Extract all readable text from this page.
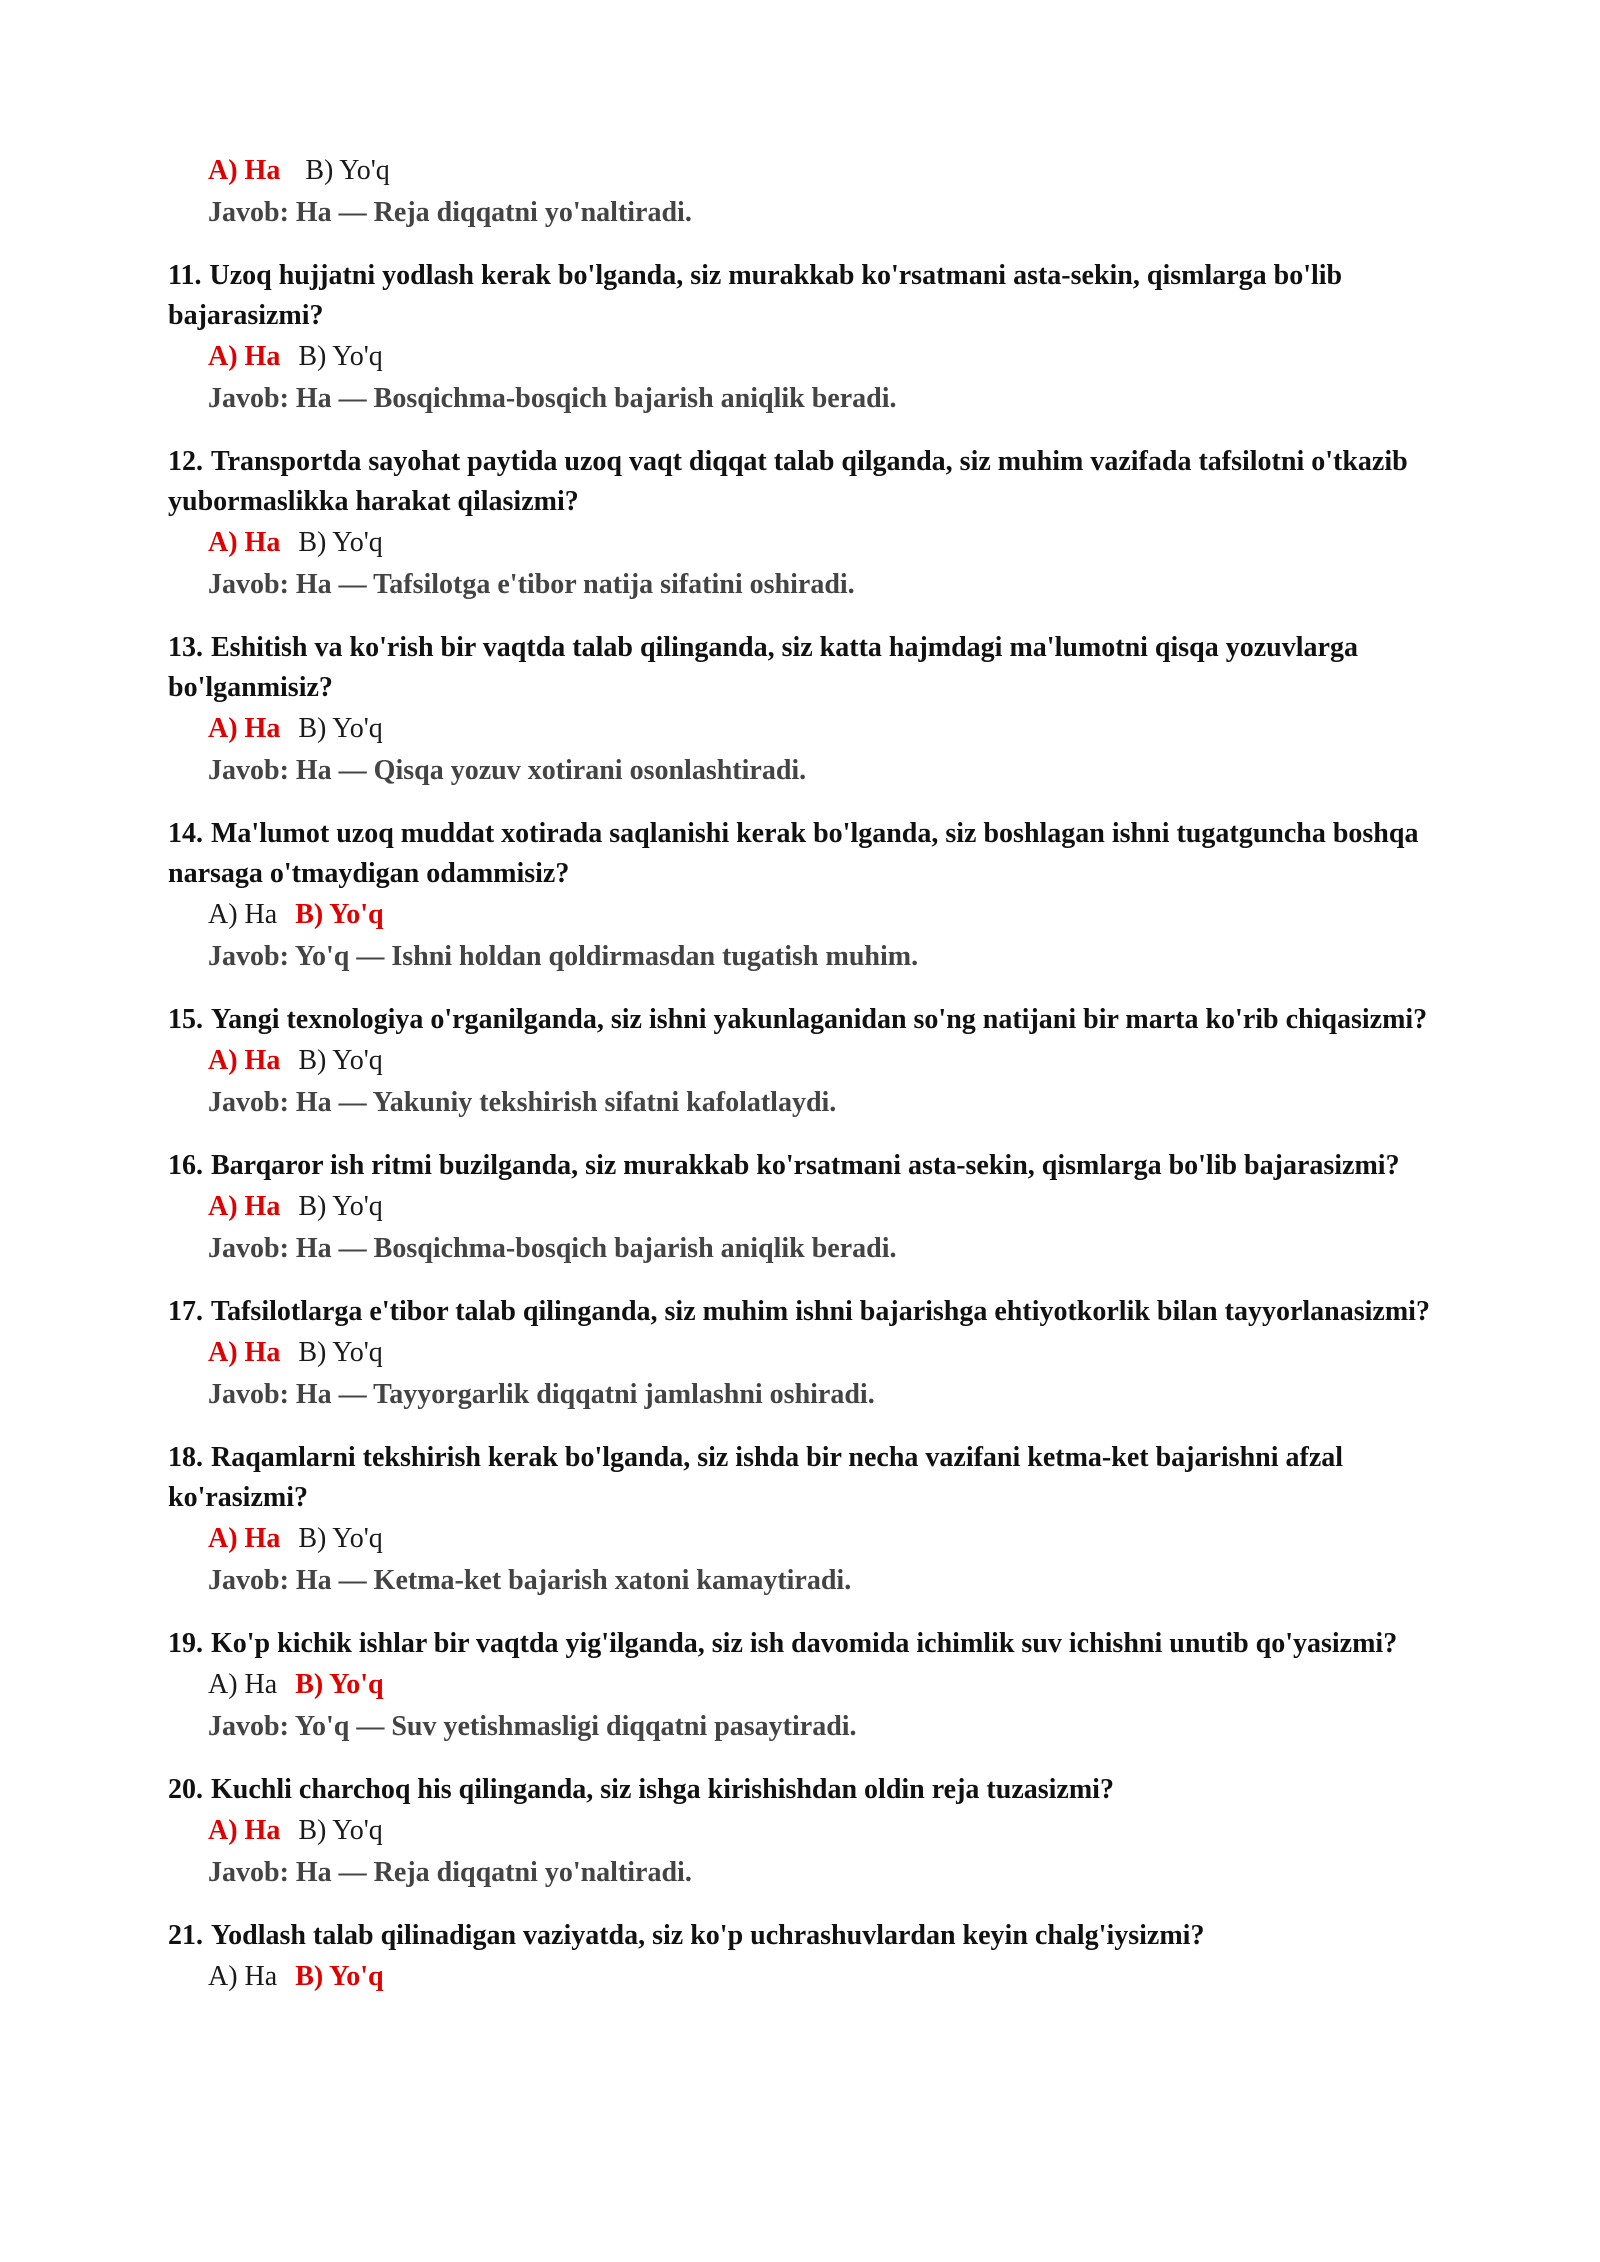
A) Ha B) Yo'q

Javob: Ha — Reja diqqatni yo'naltiradi.

11. Uzoq hujjatni yodlash kerak bo'lganda, siz murakkab ko'rsatmani asta-sekin, qismlarga bo'lib bajarasizmi?

A) Ha B) Yo'q

Javob: Ha — Bosqichma-bosqich bajarish aniqlik beradi.

12. Transportda sayohat paytida uzoq vaqt diqqat talab qilganda, siz muhim vazifada tafsilotni o'tkazib yubormaslikka harakat qilasizmi?

A) Ha B) Yo'q

Javob: Ha — Tafsilotga e'tibor natija sifatini oshiradi.

13. Eshitish va ko'rish bir vaqtda talab qilinganda, siz katta hajmdagi ma'lumotni qisqa yozuvlarga bo'lganmisiz?

A) Ha B) Yo'q

Javob: Ha — Qisqa yozuv xotirani osonlashtiradi.

14. Ma'lumot uzoq muddat xotirada saqlanishi kerak bo'lganda, siz boshlagan ishni tugatguncha boshqa narsaga o'tmaydigan odammisiz?

A) Ha B) Yo'q

Javob: Yo'q — Ishni holdan qoldirmasdan tugatish muhim.

15. Yangi texnologiya o'rganilganda, siz ishni yakunlaganidan so'ng natijani bir marta ko'rib chiqasizmi?

A) Ha B) Yo'q

Javob: Ha — Yakuniy tekshirish sifatni kafolatlaydi.

16. Barqaror ish ritmi buzilganda, siz murakkab ko'rsatmani asta-sekin, qismlarga bo'lib bajarasizmi?

A) Ha B) Yo'q

Javob: Ha — Bosqichma-bosqich bajarish aniqlik beradi.

17. Tafsilotlarga e'tibor talab qilinganda, siz muhim ishni bajarishga ehtiyotkorlik bilan tayyorlanasizmi?

A) Ha B) Yo'q

Javob: Ha — Tayyorgarlik diqqatni jamlashni oshiradi.

18. Raqamlarni tekshirish kerak bo'lganda, siz ishda bir necha vazifani ketma-ket bajarishni afzal ko'rasizmi?

A) Ha B) Yo'q

Javob: Ha — Ketma-ket bajarish xatoni kamaytiradi.

19. Ko'p kichik ishlar bir vaqtda yig'ilganda, siz ish davomida ichimlik suv ichishni unutib qo'yasizmi?

A) Ha B) Yo'q

Javob: Yo'q — Suv yetishmasligi diqqatni pasaytiradi.

20. Kuchli charchoq his qilinganda, siz ishga kirishishdan oldin reja tuzasizmi?

A) Ha B) Yo'q

Javob: Ha — Reja diqqatni yo'naltiradi.

21. Yodlash talab qilinadigan vaziyatda, siz ko'p uchrashuvlardan keyin chalg'iysizmi?

A) Ha B) Yo'q
